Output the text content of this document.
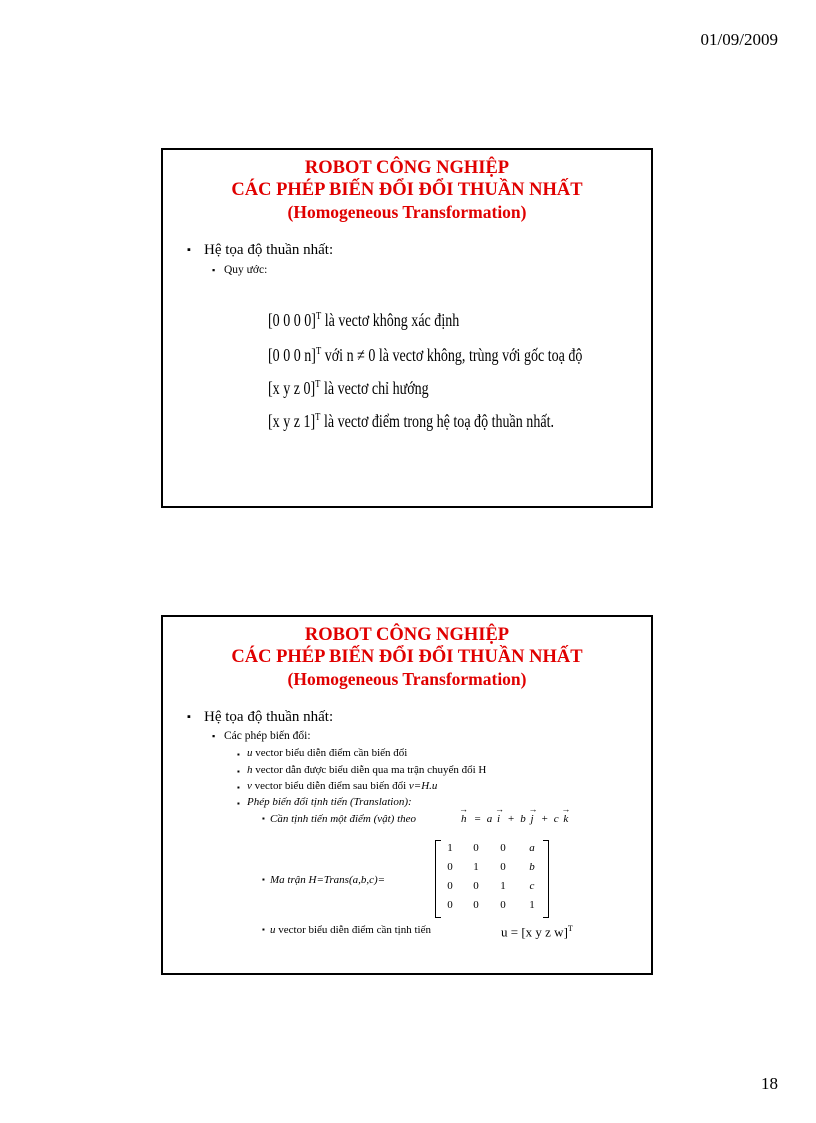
01/09/2009
ROBOT CÔNG NGHIỆP
CÁC PHÉP BIẾN ĐỔI ĐỔI THUẦN NHẤT
(Homogeneous Transformation)
▪ Hệ tọa độ thuần nhất:
▪ Quy ước:
[0 0 0 0]$^T$ là vectơ không xác định
[0 0 0 n]$^T$ với n ≠ 0 là vectơ không, trùng với gốc toạ độ
[x y z 0]$^T$ là vectơ chỉ hướng
[x y z 1]$^T$ là vectơ điểm trong hệ toạ độ thuần nhất.
ROBOT CÔNG NGHIỆP
CÁC PHÉP BIẾN ĐỔI ĐỔI THUẦN NHẤT
(Homogeneous Transformation)
▪ Hệ tọa độ thuần nhất:
▪ Các phép biến đổi:
▪ u vector biểu diễn điểm cần biến đổi
▪ h vector dẫn được biểu diễn qua ma trận chuyển đổi H
▪ v vector biểu diễn điểm sau biến đổi v=H.u
▪ Phép biến đổi tịnh tiến (Translation):
▪ Cần tịnh tiến một điểm (vật) theo	→ h = a → i + b → j + c → k
▪ Ma trận H=Trans(a,b,c)=
1	0	0	a
0	1	0	b
0	0	1	c
0	0	0	1
▪ u vector biểu diễn điểm cần tịnh tiến	u = [x y z w]$^T$
18
